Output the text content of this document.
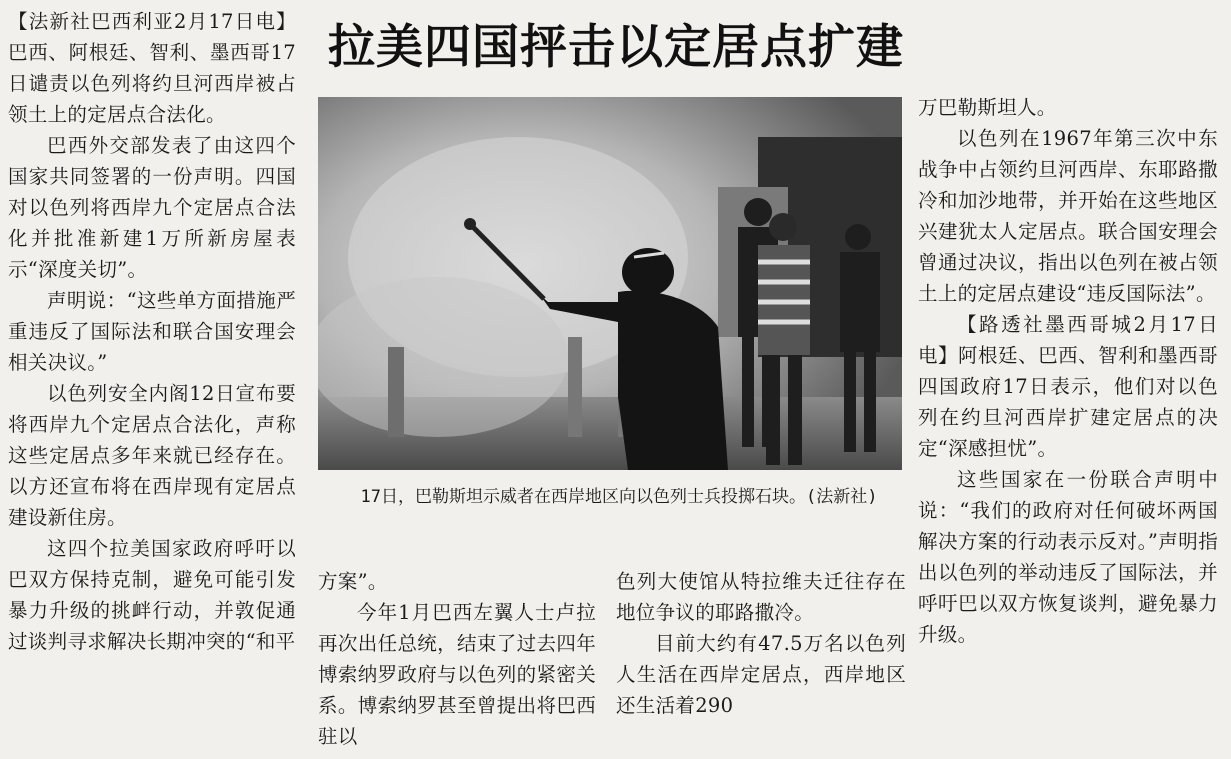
拉美四国抨击以定居点扩建

【法新社巴西利亚2月17日电】巴西、阿根廷、智利、墨西哥17日谴责以色列将约旦河西岸被占领土上的定居点合法化。

巴西外交部发表了由这四个国家共同签署的一份声明。四国对以色列将西岸九个定居点合法化并批准新建1万所新房屋表示“深度关切”。

声明说：“这些单方面措施严重违反了国际法和联合国安理会相关决议。”

以色列安全内阁12日宣布要将西岸九个定居点合法化，声称这些定居点多年来就已经存在。以方还宣布将在西岸现有定居点建设新住房。

这四个拉美国家政府呼吁以巴双方保持克制，避免可能引发暴力升级的挑衅行动，并敦促通过谈判寻求解决长期冲突的“和平

17日，巴勒斯坦示威者在西岸地区向以色列士兵投掷石块。(法新社)

方案”。

今年1月巴西左翼人士卢拉再次出任总统，结束了过去四年博索纳罗政府与以色列的紧密关系。博索纳罗甚至曾提出将巴西驻以

色列大使馆从特拉维夫迁往存在地位争议的耶路撒冷。

目前大约有47.5万名以色列人生活在西岸定居点，西岸地区还生活着290

万巴勒斯坦人。

以色列在1967年第三次中东战争中占领约旦河西岸、东耶路撒冷和加沙地带，并开始在这些地区兴建犹太人定居点。联合国安理会曾通过决议，指出以色列在被占领土上的定居点建设“违反国际法”。

【路透社墨西哥城2月17日电】阿根廷、巴西、智利和墨西哥四国政府17日表示，他们对以色列在约旦河西岸扩建定居点的决定“深感担忧”。

这些国家在一份联合声明中说：“我们的政府对任何破坏两国解决方案的行动表示反对。”声明指出以色列的举动违反了国际法，并呼吁巴以双方恢复谈判，避免暴力升级。
